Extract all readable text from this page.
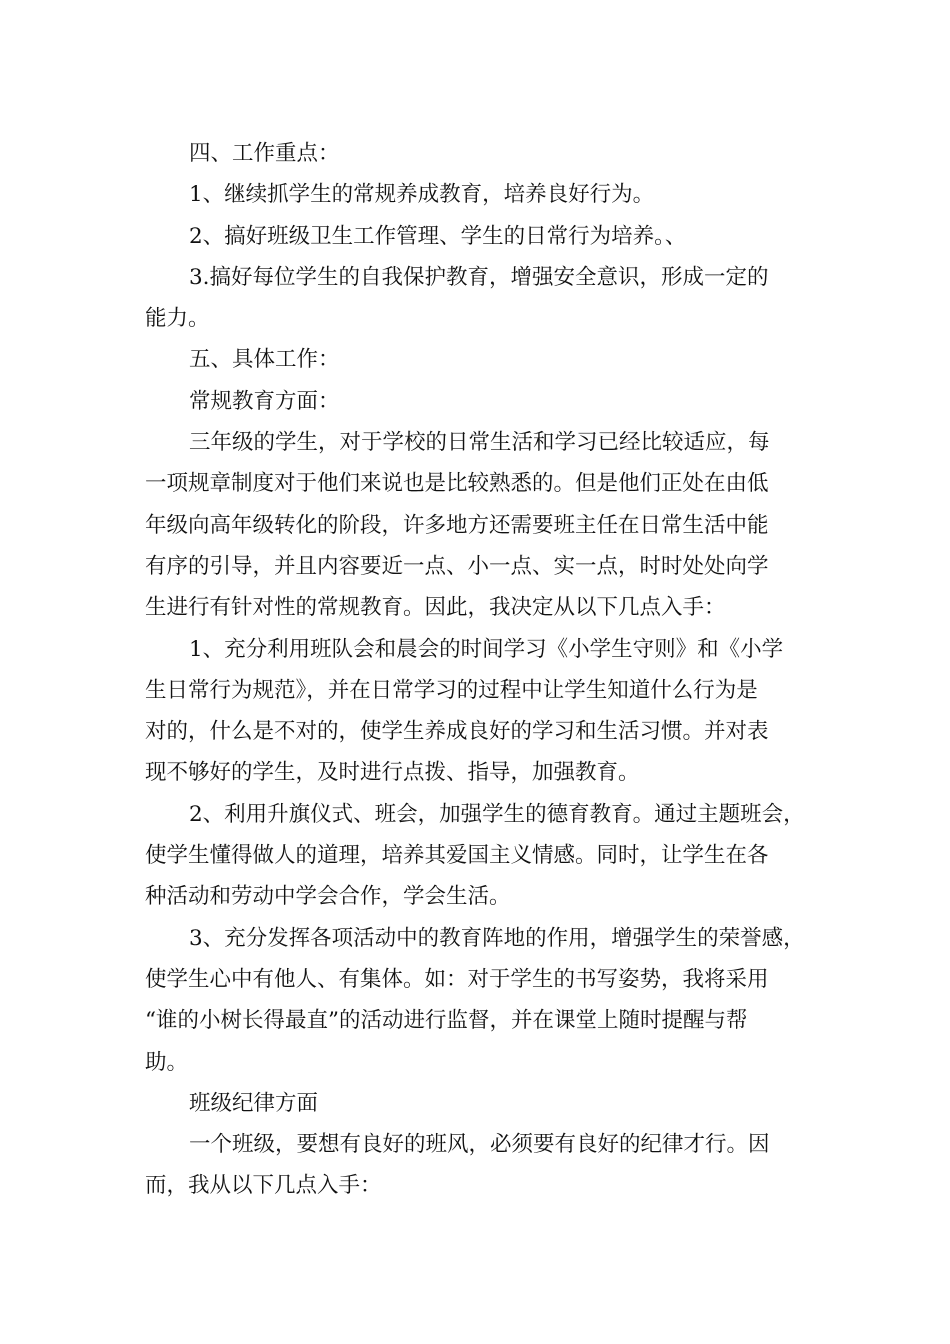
四、工作重点：
1、继续抓学生的常规养成教育，培养良好行为。
2、搞好班级卫生工作管理、学生的日常行为培养。、
3.搞好每位学生的自我保护教育，增强安全意识，形成一定的
能力。
五、具体工作：
常规教育方面：
三年级的学生，对于学校的日常生活和学习已经比较适应，每
一项规章制度对于他们来说也是比较熟悉的。但是他们正处在由低
年级向高年级转化的阶段，许多地方还需要班主任在日常生活中能
有序的引导，并且内容要近一点、小一点、实一点，时时处处向学
生进行有针对性的常规教育。因此，我决定从以下几点入手：
1、充分利用班队会和晨会的时间学习《小学生守则》和《小学
生日常行为规范》，并在日常学习的过程中让学生知道什么行为是
对的，什么是不对的，使学生养成良好的学习和生活习惯。并对表
现不够好的学生，及时进行点拨、指导，加强教育。
2、利用升旗仪式、班会，加强学生的德育教育。通过主题班会，
使学生懂得做人的道理，培养其爱国主义情感。同时，让学生在各
种活动和劳动中学会合作，学会生活。
3、充分发挥各项活动中的教育阵地的作用，增强学生的荣誉感，
使学生心中有他人、有集体。如：对于学生的书写姿势，我将采用
“谁的小树长得最直”的活动进行监督，并在课堂上随时提醒与帮
助。
班级纪律方面
一个班级，要想有良好的班风，必须要有良好的纪律才行。因
而，我从以下几点入手：
